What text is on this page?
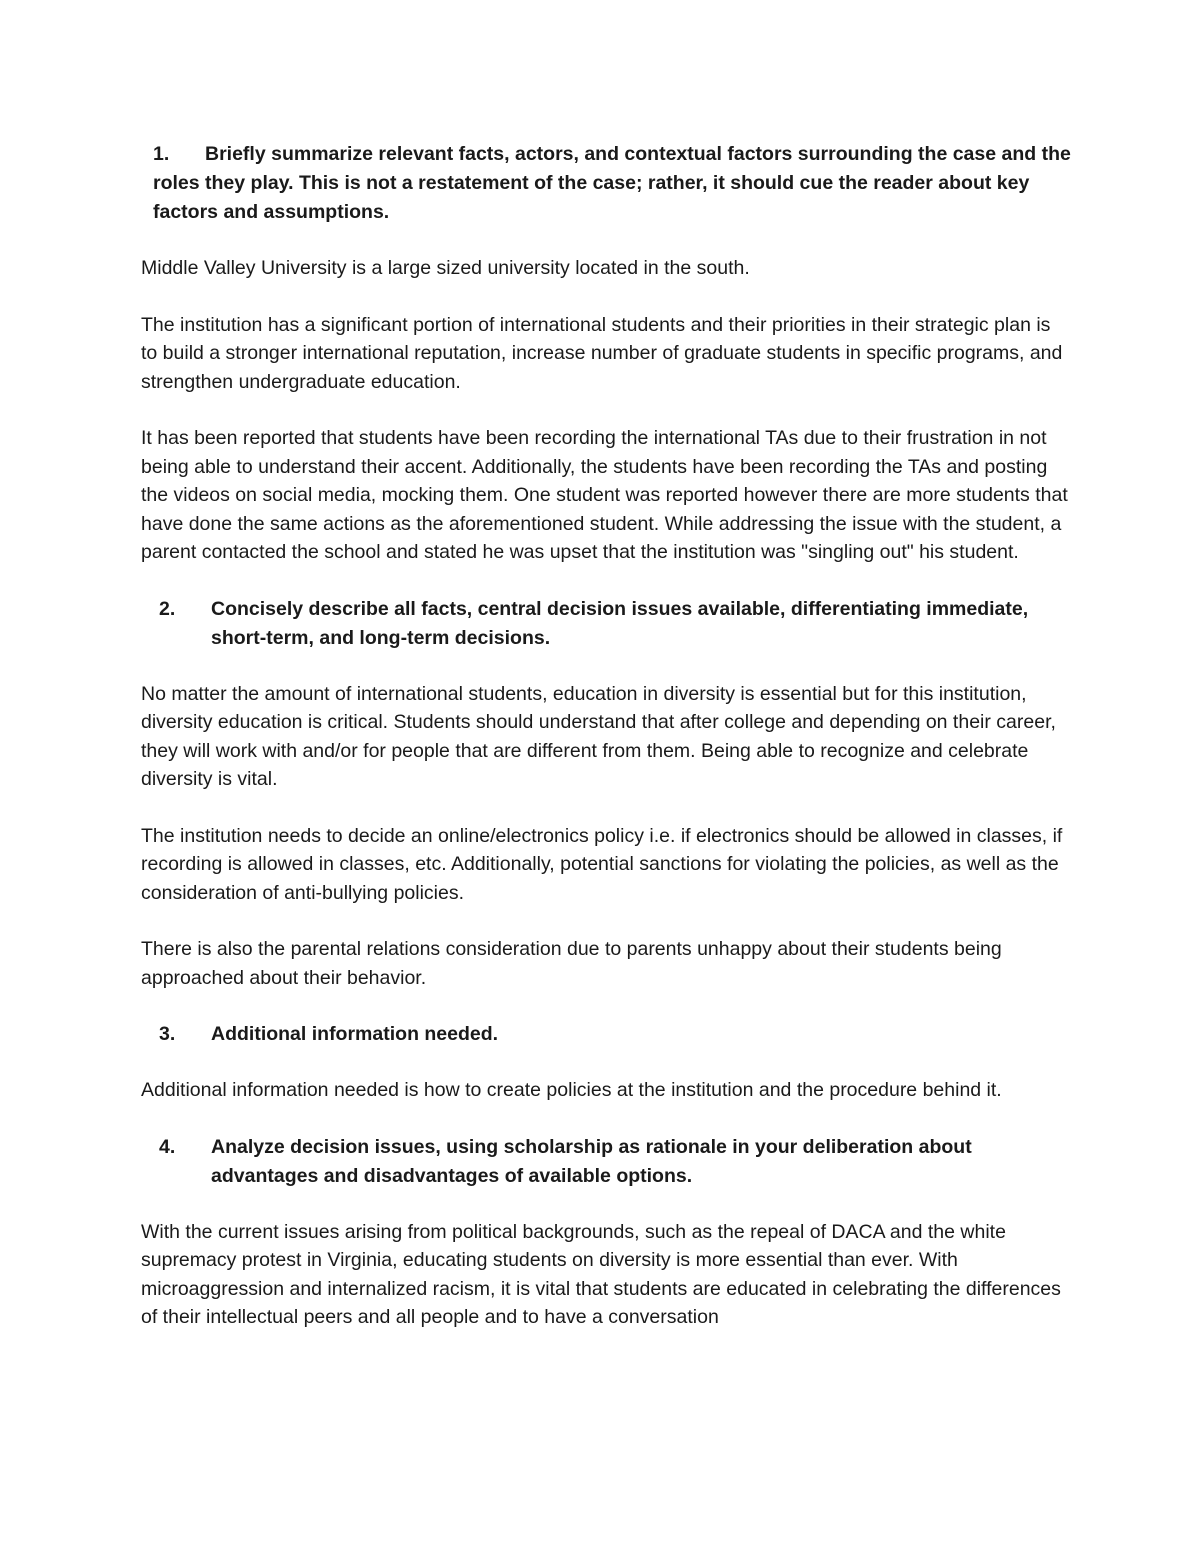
1. Briefly summarize relevant facts, actors, and contextual factors surrounding the case and the roles they play. This is not a restatement of the case; rather, it should cue the reader about key factors and assumptions.

Middle Valley University is a large sized university located in the south.

The institution has a significant portion of international students and their priorities in their strategic plan is to build a stronger international reputation, increase number of graduate students in specific programs, and strengthen undergraduate education.

It has been reported that students have been recording the international TAs due to their frustration in not being able to understand their accent. Additionally, the students have been recording the TAs and posting the videos on social media, mocking them. One student was reported however there are more students that have done the same actions as the aforementioned student. While addressing the issue with the student, a parent contacted the school and stated he was upset that the institution was "singling out" his student.

2.	Concisely describe all facts, central decision issues available, differentiating immediate, short-term, and long-term decisions.

No matter the amount of international students, education in diversity is essential but for this institution, diversity education is critical. Students should understand that after college and depending on their career, they will work with and/or for people that are different from them. Being able to recognize and celebrate diversity is vital.

The institution needs to decide an online/electronics policy i.e. if electronics should be allowed in classes, if recording is allowed in classes, etc. Additionally, potential sanctions for violating the policies, as well as the consideration of anti-bullying policies.

There is also the parental relations consideration due to parents unhappy about their students being approached about their behavior.

3.	Additional information needed.

Additional information needed is how to create policies at the institution and the procedure behind it.

4.	Analyze decision issues, using scholarship as rationale in your deliberation about advantages and disadvantages of available options.

With the current issues arising from political backgrounds, such as the repeal of DACA and the white supremacy protest in Virginia, educating students on diversity is more essential than ever. With microaggression and internalized racism, it is vital that students are educated in celebrating the differences of their intellectual peers and all people and to have a conversation
